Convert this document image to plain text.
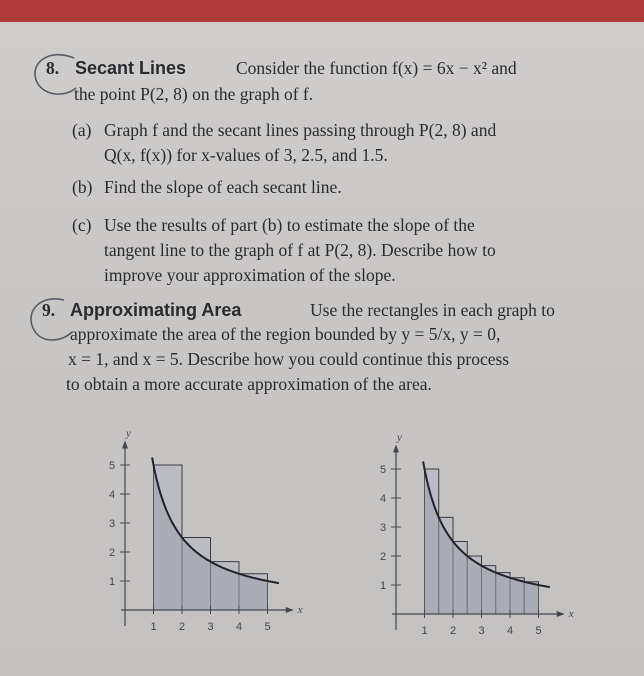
8. Secant Lines	Consider the function f(x) = 6x − x² and
the point P(2, 8) on the graph of f.
(a) Graph f and the secant lines passing through P(2, 8) and
Q(x, f(x)) for x-values of 3, 2.5, and 1.5.
(b) Find the slope of each secant line.
(c) Use the results of part (b) to estimate the slope of the
tangent line to the graph of f at P(2, 8). Describe how to
improve your approximation of the slope.
9. Approximating Area	Use the rectangles in each graph to
approximate the area of the region bounded by y = 5/x, y = 0,
x = 1, and x = 5. Describe how you could continue this process
to obtain a more accurate approximation of the area.
5
4
3
2
1
1 2 3 4 5
y
x
5
4
3
2
1
1 2 3 4 5
y
x
